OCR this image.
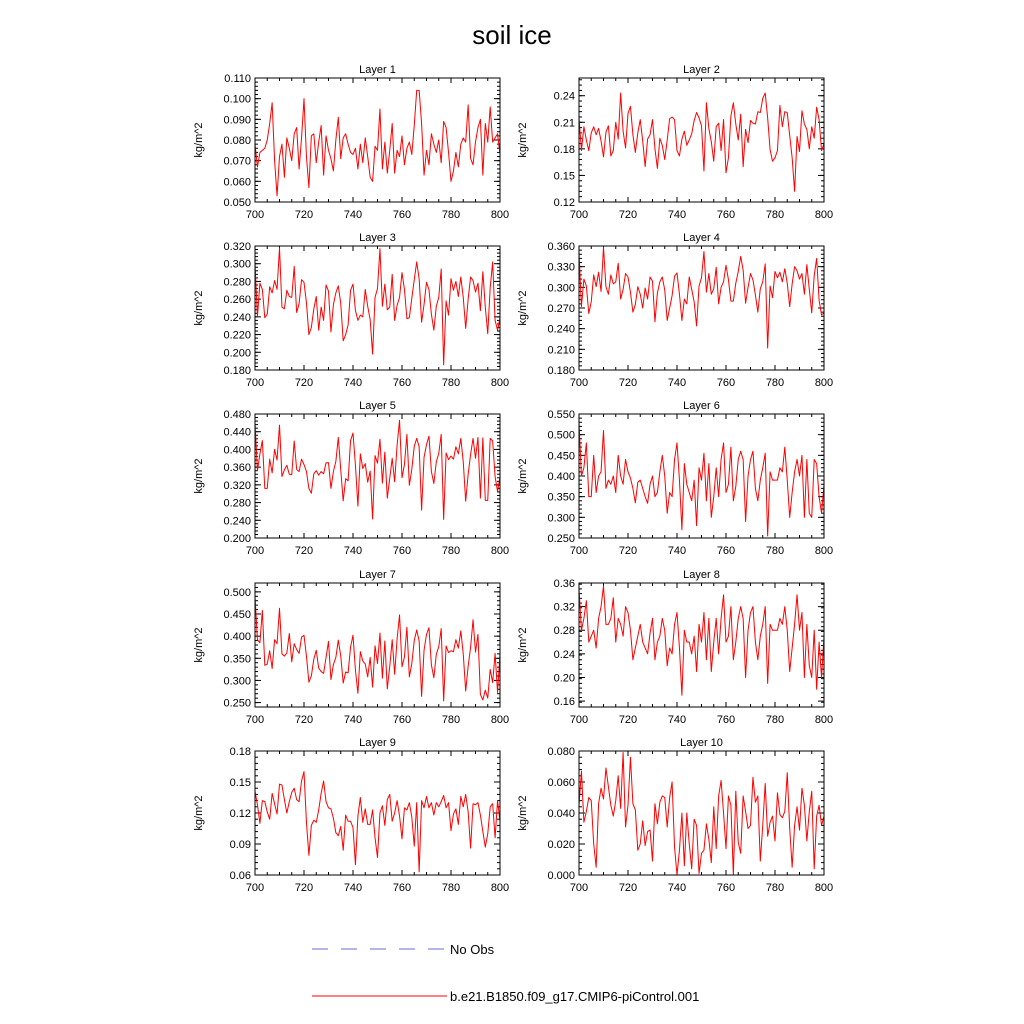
soil ice
Layer 1
kg/m^2
700	720	740	760	780	800
0.050
0.060
0.070
0.080
0.090
0.100
0.110
Layer 2
kg/m^2
700	720	740	760	780	800
0.12
0.15
0.18
0.21
0.24
Layer 3
kg/m^2
700	720	740	760	780	800
0.180
0.200
0.220
0.240
0.260
0.280
0.300
0.320
Layer 4
kg/m^2
700	720	740	760	780	800
0.180
0.210
0.240
0.270
0.300
0.330
0.360
Layer 5
kg/m^2
700	720	740	760	780	800
0.200
0.240
0.280
0.320
0.360
0.400
0.440
0.480
Layer 6
kg/m^2
700	720	740	760	780	800
0.250
0.300
0.350
0.400
0.450
0.500
0.550
Layer 7
kg/m^2
700	720	740	760	780	800
0.250
0.300
0.350
0.400
0.450
0.500
Layer 8
kg/m^2
700	720	740	760	780	800
0.16
0.20
0.24
0.28
0.32
0.36
Layer 9
kg/m^2
700	720	740	760	780	800
0.06
0.09
0.12
0.15
0.18
Layer 10
kg/m^2
700	720	740	760	780	800
0.000
0.020
0.040
0.060
0.080
No Obs
b.e21.B1850.f09_g17.CMIP6-piControl.001
